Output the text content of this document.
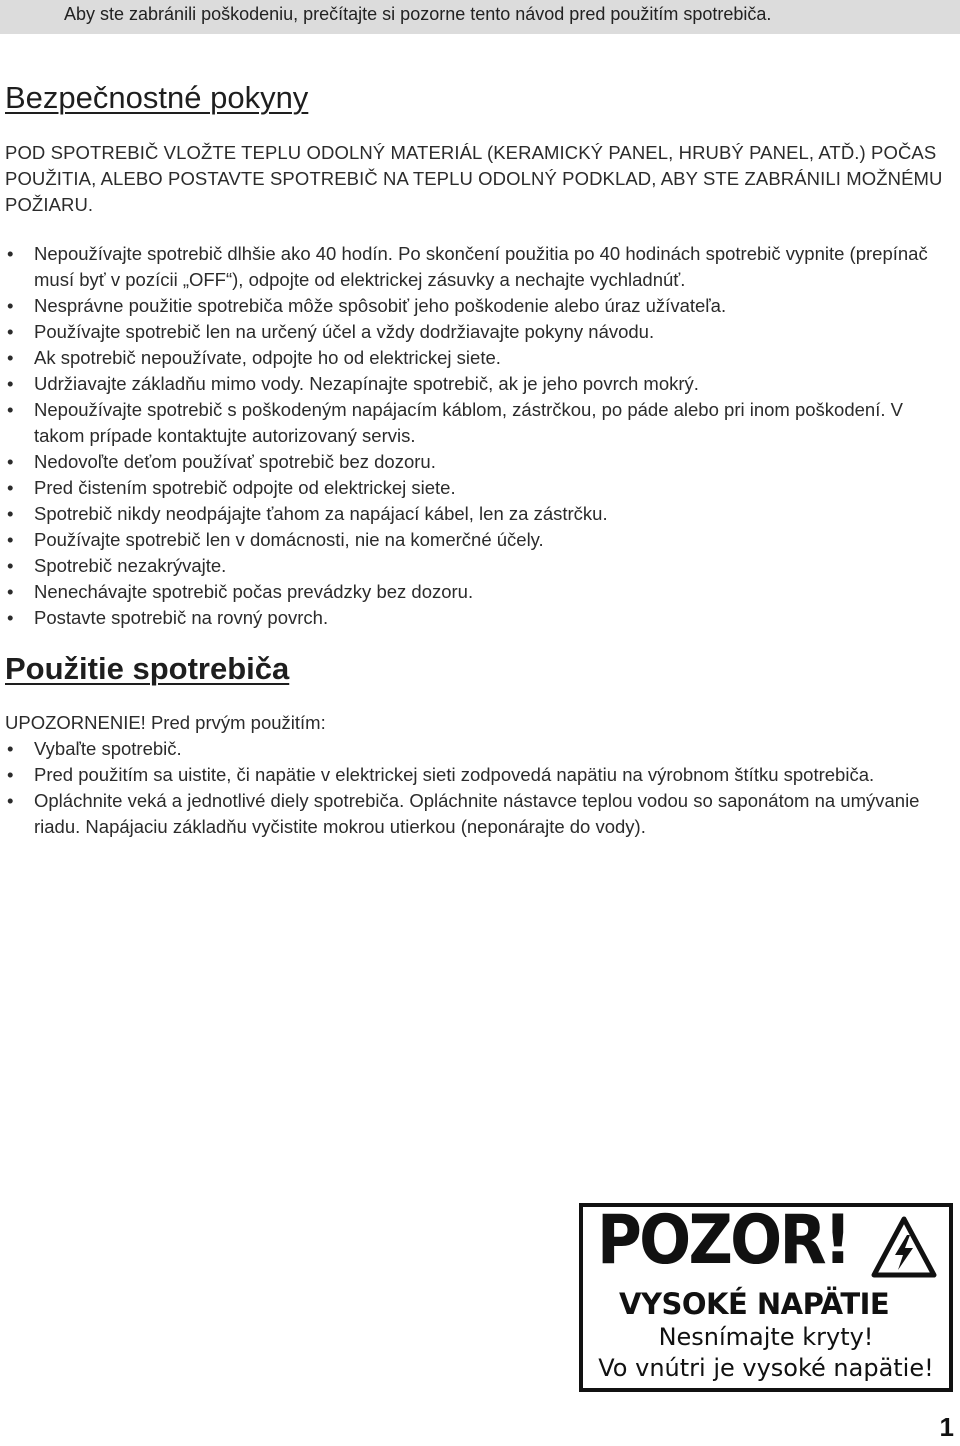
Aby ste zabránili poškodeniu, prečítajte si pozorne tento návod pred použitím spotrebiča.
Bezpečnostné pokyny

POD SPOTREBIČ VLOŽTE TEPLU ODOLNÝ MATERIÁL (KERAMICKÝ PANEL, HRUBÝ PANEL, ATĎ.) POČAS POUŽITIA, ALEBO POSTAVTE SPOTREBIČ NA TEPLU ODOLNÝ PODKLAD, ABY STE ZABRÁNILI MOŽNÉMU POŽIARU.

• Nepoužívajte spotrebič dlhšie ako 40 hodín. Po skončení použitia po 40 hodinách spotrebič vypnite (prepínač musí byť v pozícii „OFF“), odpojte od elektrickej zásuvky a nechajte vychladnúť.
• Nesprávne použitie spotrebiča môže spôsobiť jeho poškodenie alebo úraz užívateľa.
• Používajte spotrebič len na určený účel a vždy dodržiavajte pokyny návodu.
• Ak spotrebič nepoužívate, odpojte ho od elektrickej siete.
• Udržiavajte základňu mimo vody. Nezapínajte spotrebič, ak je jeho povrch mokrý.
• Nepoužívajte spotrebič s poškodeným napájacím káblom, zástrčkou, po páde alebo pri inom poškodení. V takom prípade kontaktujte autorizovaný servis.
• Nedovoľte deťom používať spotrebič bez dozoru.
• Pred čistením spotrebič odpojte od elektrickej siete.
• Spotrebič nikdy neodpájajte ťahom za napájací kábel, len za zástrčku.
• Používajte spotrebič len v domácnosti, nie na komerčné účely.
• Spotrebič nezakrývajte.
• Nenechávajte spotrebič počas prevádzky bez dozoru.
• Postavte spotrebič na rovný povrch.
Použitie spotrebiča

UPOZORNENIE! Pred prvým použitím:

• Vybaľte spotrebič.
• Pred použitím sa uistite, či napätie v elektrickej sieti zodpovedá napätiu na výrobnom štítku spotrebiča.
• Opláchnite veká a jednotlivé diely spotrebiča. Opláchnite nástavce teplou vodou so saponátom na umývanie riadu. Napájaciu základňu vyčistite mokrou utierkou (neponárajte do vody).
POZOR!
VYSOKÉ NAPÄTIE
Nesnímajte kryty!
Vo vnútri je vysoké napätie!
1
